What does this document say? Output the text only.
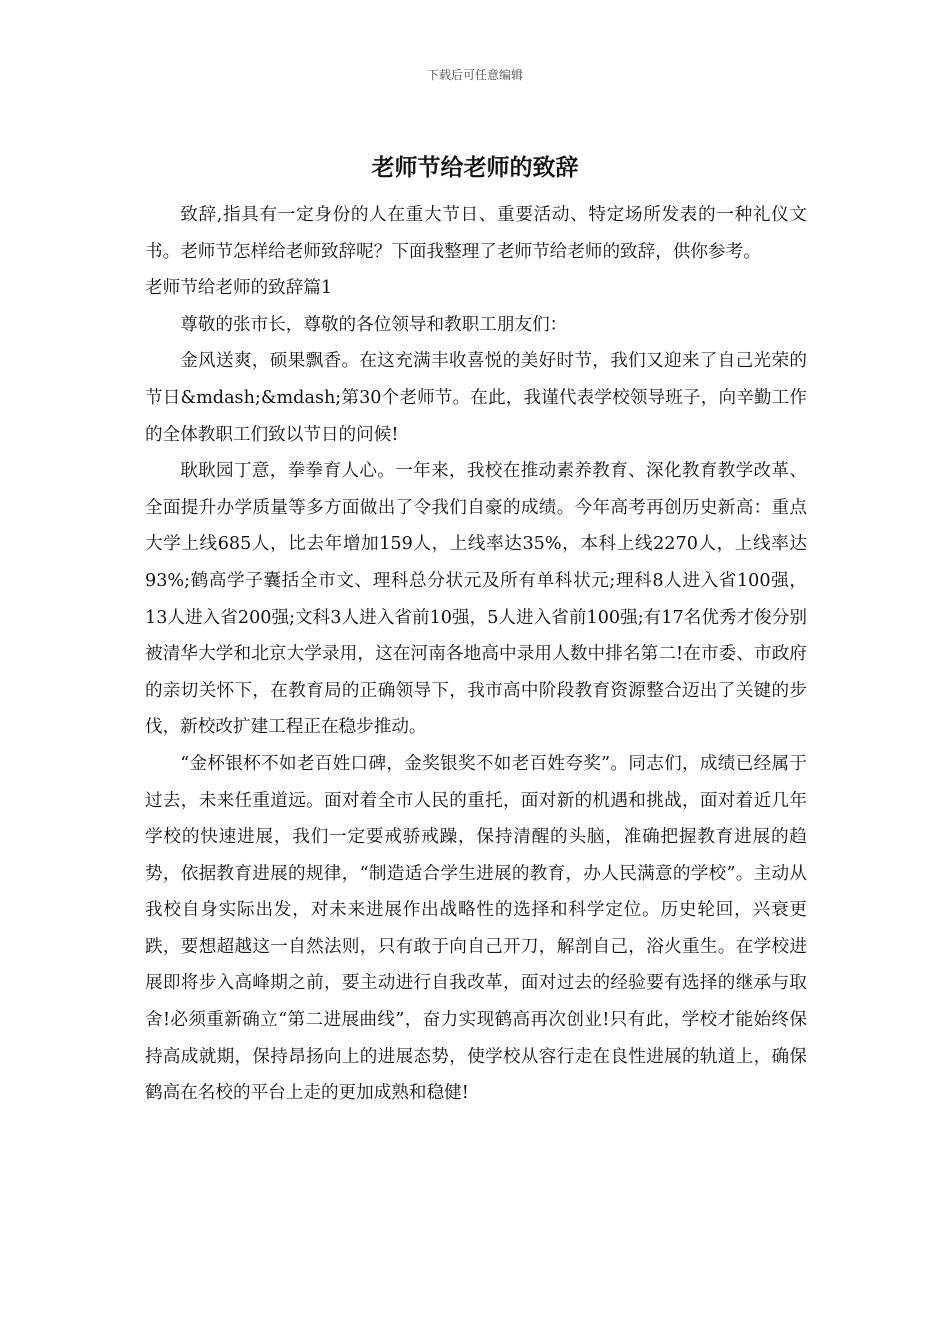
下载后可任意编辑
老师节给老师的致辞

致辞,指具有一定身份的人在重大节日、重要活动、特定场所发表的一种礼仪文书。老师节怎样给老师致辞呢？下面我整理了老师节给老师的致辞，供你参考。

老师节给老师的致辞篇1

尊敬的张市长，尊敬的各位领导和教职工朋友们：

金风送爽，硕果飘香。在这充满丰收喜悦的美好时节，我们又迎来了自己光荣的节日&mdash;&mdash;第30个老师节。在此，我谨代表学校领导班子，向辛勤工作的全体教职工们致以节日的问候!

耿耿园丁意，拳拳育人心。一年来，我校在推动素养教育、深化教育教学改革、全面提升办学质量等多方面做出了令我们自豪的成绩。今年高考再创历史新高：重点大学上线685人，比去年增加159人，上线率达35%，本科上线2270人，上线率达93%;鹤高学子囊括全市文、理科总分状元及所有单科状元;理科8人进入省100强，13人进入省200强;文科3人进入省前10强，5人进入省前100强;有17名优秀才俊分别被清华大学和北京大学录用，这在河南各地高中录用人数中排名第二!在市委、市政府的亲切关怀下，在教育局的正确领导下，我市高中阶段教育资源整合迈出了关键的步伐，新校改扩建工程正在稳步推动。

“金杯银杯不如老百姓口碑，金奖银奖不如老百姓夸奖”。同志们，成绩已经属于过去，未来任重道远。面对着全市人民的重托，面对新的机遇和挑战，面对着近几年学校的快速进展，我们一定要戒骄戒躁，保持清醒的头脑，准确把握教育进展的趋势，依据教育进展的规律，“制造适合学生进展的教育，办人民满意的学校”。主动从我校自身实际出发，对未来进展作出战略性的选择和科学定位。历史轮回，兴衰更跌，要想超越这一自然法则，只有敢于向自己开刀，解剖自己，浴火重生。在学校进展即将步入高峰期之前，要主动进行自我改革，面对过去的经验要有选择的继承与取舍!必须重新确立“第二进展曲线”，奋力实现鹤高再次创业!只有此，学校才能始终保持高成就期，保持昂扬向上的进展态势，使学校从容行走在良性进展的轨道上，确保鹤高在名校的平台上走的更加成熟和稳健!
